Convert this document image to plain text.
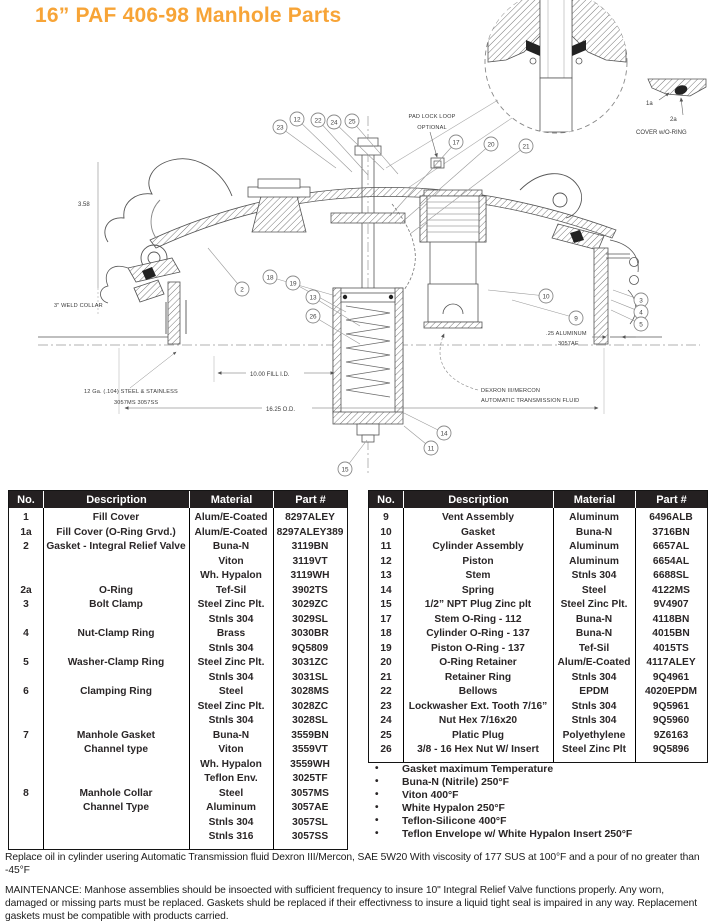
16” PAF 406-98 Manhole Parts
1a
2a
COVER w/O-RING
3.58
3" WELD COLLAR
12 Ga. (.104) STEEL & STAINLESS
3057MS 3057SS
10.00 FILL I.D.
16.25 O.D.
.25 ALUMINUM
3057AE
DEXRON III/MERCON
AUTOMATIC TRANSMISSION FLUID
PAD LOCK LOOP
OPTIONAL
23
12 22 24 25
17	20	21
2
18
19
13
26
10
9
3
4
5
14
11
15
No.	Description	Material	Part #
1	Fill Cover	Alum/E-Coated	8297ALEY
1a	Fill Cover (O-Ring Grvd.)	Alum/E-Coated 8297ALEY389
2	Gasket - Integral Relief Valve	Buna-N	3119BN
Viton	3119VT
Wh. Hypalon	3119WH
2a	O-Ring	Tef-Sil	3902TS
3	Bolt Clamp	Steel Zinc Plt.	3029ZC
Stnls 304	3029SL
4	Nut-Clamp Ring	Brass	3030BR
Stnls 304	9Q5809
5	Washer-Clamp Ring	Steel Zinc Plt.	3031ZC
Stnls 304	3031SL
6	Clamping Ring	Steel	3028MS
Steel Zinc Plt.	3028ZC
Stnls 304	3028SL
7	Manhole Gasket	Buna-N	3559BN
Channel type	Viton	3559VT
Wh. Hypalon	3559WH
Teflon Env.	3025TF
8	Manhole Collar	Steel	3057MS
Channel Type	Aluminum	3057AE
Stnls 304	3057SL
Stnls 316	3057SS
No.	Description	Material	Part #
9	Vent Assembly	Aluminum	6496ALB
10	Gasket	Buna-N	3716BN
11	Cylinder Assembly	Aluminum	6657AL
12	Piston	Aluminum	6654AL
13	Stem	Stnls 304	6688SL
14	Spring	Steel	4122MS
15	1/2” NPT Plug Zinc plt	Steel Zinc Plt.	9V4907
17	Stem O-Ring - 112	Buna-N	4118BN
18	Cylinder O-Ring - 137	Buna-N	4015BN
19	Piston O-Ring - 137	Tef-Sil	4015TS
20	O-Ring Retainer	Alum/E-Coated	4117ALEY
21	Retainer Ring	Stnls 304	9Q4961
22	Bellows	EPDM	4020EPDM
23	Lockwasher Ext. Tooth 7/16”	Stnls 304	9Q5961
24	Nut Hex 7/16x20	Stnls 304	9Q5960
25	Platic Plug	Polyethylene	9Z6163
26	3/8 - 16 Hex Nut W/ Insert	Steel Zinc Plt	9Q5896
• Gasket maximum Temperature
• Buna-N (Nitrile) 250°F
• Viton 400°F
• White Hypalon 250°F
• Teflon-Silicone 400°F
• Teflon Envelope w/ White Hypalon Insert 250°F

Replace oil in cylinder usering Automatic Transmission fluid Dexron III/Mercon, SAE 5W20 With viscosity of 177 SUS at 100°F and a pour of no greater than -45°F

MAINTENANCE: Manhose assemblies should be insoected with sufficient frequency to insure 10" Integral Relief Valve functions properly. Any worn, damaged or missing parts must be replaced. Gaskets shuld be replaced if their effectivness to insure a liquid tight seal is impaired in any way. Replacement gaskets must be compatible with products carried.
